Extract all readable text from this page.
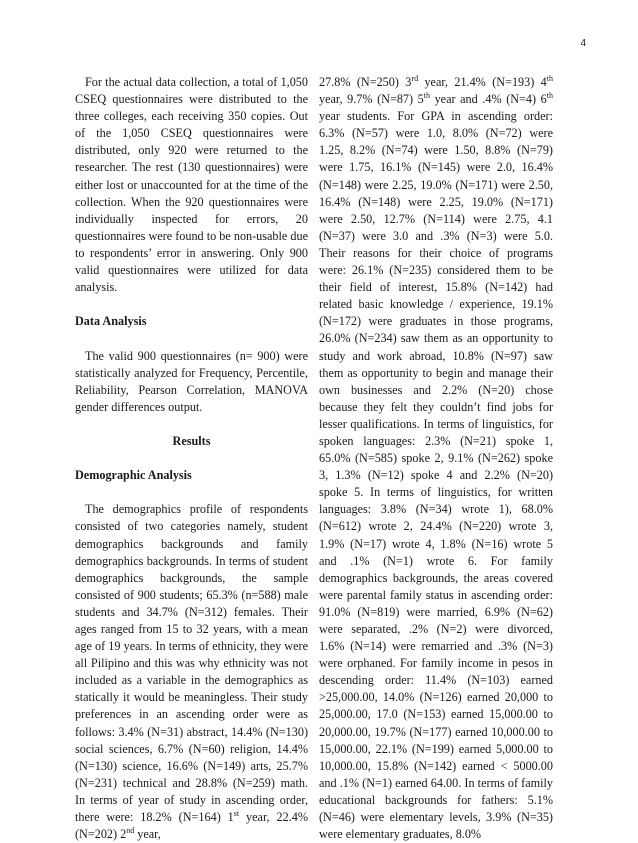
4

For the actual data collection, a total of 1,050 CSEQ questionnaires were distributed to the three colleges, each receiving 350 copies. Out of the 1,050 CSEQ questionnaires were distributed, only 920 were returned to the researcher. The rest (130 questionnaires) were either lost or unaccounted for at the time of the collection. When the 920 questionnaires were individually inspected for errors, 20 questionnaires were found to be non-usable due to respondents’ error in answering. Only 900 valid questionnaires were utilized for data analysis.

Data Analysis

The valid 900 questionnaires (n= 900) were statistically analyzed for Frequency, Percentile, Reliability, Pearson Correlation, MANOVA gender differences output.

Results
Demographic Analysis

The demographics profile of respondents consisted of two categories namely, student demographics backgrounds and family demographics backgrounds. In terms of student demographics backgrounds, the sample consisted of 900 students; 65.3% (n=588) male students and 34.7% (N=312) females. Their ages ranged from 15 to 32 years, with a mean age of 19 years. In terms of ethnicity, they were all Pilipino and this was why ethnicity was not included as a variable in the demographics as statically it would be meaningless. Their study preferences in an ascending order were as follows: 3.4% (N=31) abstract, 14.4% (N=130) social sciences, 6.7% (N=60) religion, 14.4% (N=130) science, 16.6% (N=149) arts, 25.7% (N=231) technical and 28.8% (N=259) math. In terms of year of study in ascending order, there were: 18.2% (N=164) 1st year, 22.4% (N=202) 2nd year,

27.8% (N=250) 3rd year, 21.4% (N=193) 4th year, 9.7% (N=87) 5th year and .4% (N=4) 6th year students. For GPA in ascending order: 6.3% (N=57) were 1.0, 8.0% (N=72) were 1.25, 8.2% (N=74) were 1.50, 8.8% (N=79) were 1.75, 16.1% (N=145) were 2.0, 16.4% (N=148) were 2.25, 19.0% (N=171) were 2.50, 16.4% (N=148) were 2.25, 19.0% (N=171) were 2.50, 12.7% (N=114) were 2.75, 4.1 (N=37) were 3.0 and .3% (N=3) were 5.0. Their reasons for their choice of programs were: 26.1% (N=235) considered them to be their field of interest, 15.8% (N=142) had related basic knowledge / experience, 19.1% (N=172) were graduates in those programs, 26.0% (N=234) saw them as an opportunity to study and work abroad, 10.8% (N=97) saw them as opportunity to begin and manage their own businesses and 2.2% (N=20) chose because they felt they couldn’t find jobs for lesser qualifications. In terms of linguistics, for spoken languages: 2.3% (N=21) spoke 1, 65.0% (N=585) spoke 2, 9.1% (N=262) spoke 3, 1.3% (N=12) spoke 4 and 2.2% (N=20) spoke 5. In terms of linguistics, for written languages: 3.8% (N=34) wrote 1), 68.0% (N=612) wrote 2, 24.4% (N=220) wrote 3, 1.9% (N=17) wrote 4, 1.8% (N=16) wrote 5 and .1% (N=1) wrote 6. For family demographics backgrounds, the areas covered were parental family status in ascending order: 91.0% (N=819) were married, 6.9% (N=62) were separated, .2% (N=2) were divorced, 1.6% (N=14) were remarried and .3% (N=3) were orphaned. For family income in pesos in descending order: 11.4% (N=103) earned >25,000.00, 14.0% (N=126) earned 20,000 to 25,000.00, 17.0 (N=153) earned 15,000.00 to 20,000.00, 19.7% (N=177) earned 10,000.00 to 15,000.00, 22.1% (N=199) earned 5,000.00 to 10,000.00, 15.8% (N=142) earned < 5000.00 and .1% (N=1) earned 64.00. In terms of family educational backgrounds for fathers: 5.1% (N=46) were elementary levels, 3.9% (N=35) were elementary graduates, 8.0%
